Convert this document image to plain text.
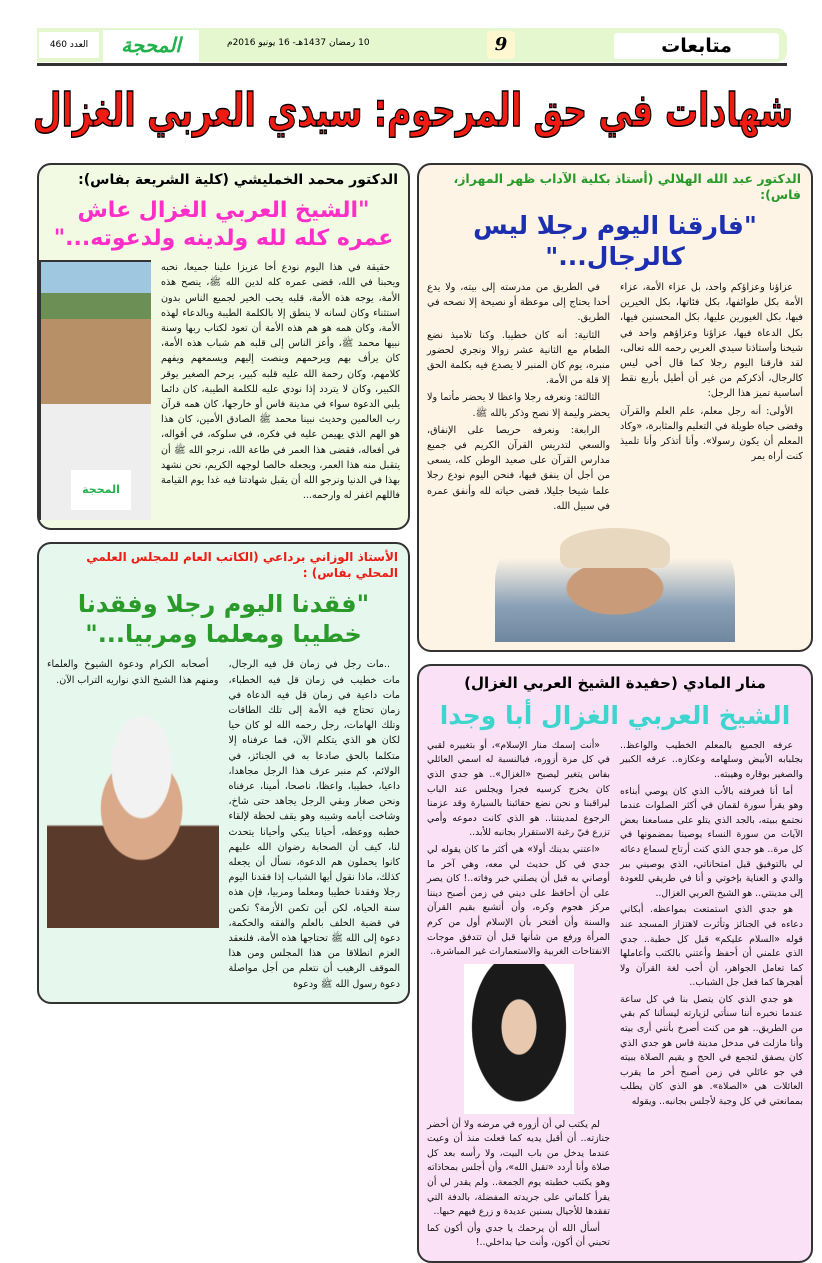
متابعات
9
10 رمضان 1437هـ- 16 يونيو 2016م
المحجة
العدد 460
شهادات في حق المرحوم: سيدي العربي الغزال
الدكتور عبد الله الهلالي (أستاذ بكلية الآداب ظهر المهراز، فاس):
"فارقنا اليوم رجلا ليس كالرجال..."

عزاؤنا وعزاؤكم واحد، بل عزاء الأمة، عزاء الأمة بكل طوائفها، بكل فئاتها، بكل الخيرين فيها، بكل الغيورين عليها، بكل المحسنين فيها، بكل الدعاة فيها، عزاؤنا وعزاؤهم واحد في شيخنا وأستاذنا سيدي العربي رحمه الله تعالى، لقد فارقنا اليوم رجلا كما قال أخي ليس كالرجال، أذكركم من غير أن أطيل بأربع نقط أساسية تميز هذا الرجل:

الأولى: أنه رجل معلم، علم العلم والقرآن وقضى حياة طويلة في التعليم والمثابرة، «وكاد المعلم أن يكون رسولا». وأنا أتذكر وأنا تلميذ كنت أراه يمر

في الطريق من مدرسته إلى بيته، ولا يدع أحدا يحتاج إلى موعظة أو نصيحة إلا نصحه في الطريق.

الثانية: أنه كان خطيبا. وكنا تلاميذ نضع الطعام مع الثانية عشر زوالا ونجري لحضور منبره، يوم كان المنبر لا يصدع فيه بكلمة الحق إلا قلة من الأمة.

الثالثة: ونعرفه رجلا واعظا لا يحضر مأتما ولا يحضر وليمة إلا نصح وذكر بالله ﷺ.

الرابعة: ونعرفه حريصا على الإنفاق، والسعي لتدريس القرآن الكريم في جميع مدارس القرآن على صعيد الوطن كله، يسعى من أجل أن ينفق فيها، فنحن اليوم نودع رجلا علما شيخا جليلا، قضى حياته لله وأنفق عمره في سبيل الله.

منار المادي (حفيدة الشيخ العربي الغزال)
الشيخ العربي الغزال أبا وجدا

عرفه الجميع بالمعلم الخطيب والواعظ.. بجلبابه الأبيض وسلهامه وعكازه.. عرفه الكبير والصغير بوقاره وهيبته..

أما أنا فعرفته بالأب الذي كان يوصي أبناءه وهو يقرأ سورة لقمان في أكثر الصلوات عندما نجتمع ببيته، بالجد الذي يتلو على مسامعنا بعض الآيات من سورة النساء يوصينا بمضمونها في كل مرة.. هو جدي الذي كنت أرتاح لسماع دعائه لي بالتوفيق قبل امتحاناتي، الذي يوصيني ببر والدي و العناية بإخوتي و أنا في طريقي للعودة إلى مدينتي.. هو الشيخ العربي الغزال..

هو جدي الذي استمتعت بمواعظه. أبكاني دعاءه في الجنائز وتأثرت لاهتزاز المسجد عند قوله «السلام عليكم» قبل كل خطبة.. جدي الذي علمني أن أحفظ وأعتني بالكتب وأعاملها كما تعامل الجواهر، أن أحب لغة القرآن ولا أهجرها كما فعل جل الشباب..

هو جدي الذي كان يتصل بنا في كل ساعة عندما نخبره أننا سنأتي لزيارته ليسألنا كم بقي من الطريق.. هو من كنت أصرخ بأنني أرى بيته وأنا مازلت في مدخل مدينة فاس هو جدي الذي كان يصفق لتجمع في الحج و يقيم الصلاة ببيته في جو عائلي في زمن أصبح أخر ما يقرب العائلات هي «الصلاة». هو الذي كان يطلب بممانعتي في كل وجبة لأجلس بجانبه.. ويقوله

«أنت إسمك منار الإسلام»، أو بتغييره لقبي في كل مرة أزوره، فبالنسبة له اسمي العائلي بفاس يتغير ليصبح «الغزال».. هو جدي الذي كان يخرج كرسيه فجرا ويجلس عند الباب ليراقبنا و نحن نضع حقائبنا بالسيارة وقد عزمنا الرجوع لمدينتنا.. هو الذي كانت دموعه وأمي تزرع فيّ رغبة الاستقرار بجانبه للأبد..

«اعتني بدينك أولا» هي أكثر ما كان يقوله لي جدي في كل حديث لي معه، وهي آخر ما أوصاني به قبل أن يصلني خبر وفاته..! كان يصر على أن أحافظ على ديني في زمن أصبح ديننا مركز هجوم وكره، وأن أتشبع بقيم القرآن والسنة وأن أفتخر بأن الإسلام أول من كرم المرأة ورفع من شأنها قبل أن تتدفق موجات الانفتاحات الغربية والاستعمارات غير المباشرة..

لم يكتب لي أن أزوره في مرضه ولا أن أحضر جنازته.. أن أقبل يديه كما فعلت منذ أن وعيت عندما يدخل من باب البيت، ولا رأسه بعد كل صلاة وأنا أردد «تقبل الله»، وأن أجلس بمحاذاته وهو يكتب خطبته يوم الجمعة.. ولم يقدر لي أن يقرأ كلماتي على جريدته المفضلة، بالدفة التي تفقدها للأجيال بسنين عديدة و زرع فيهم حبها..

أسأل الله أن يرحمك يا جدي وأن أكون كما تحبني أن أكون، وأنت حيا بداخلي..!

الدكتور محمد الخمليشي (كلية الشريعة بفاس):
"الشيخ العربي الغزال عاش عمره كله لله ولدينه ولدعوته..."

حقيقة في هذا اليوم نودع أخا عزيزا علينا جميعا، نحبه ويحبنا في الله، قضى عمره كله لدين الله ﷺ، ينصح هذه الأمة، يوجه هذه الأمة، قلبه يحب الخير لجميع الناس بدون استثناء وكان لسانه لا ينطق إلا بالكلمة الطيبة وبالدعاء لهذه الأمة، وكان همه هو هم هذه الأمة أن تعود لكتاب ربها وسنة نبيها محمد ﷺ، وأعز الناس إلى قلبه هم شباب هذه الأمة، كان يرأف بهم ويرحمهم وينصت إليهم ويسمعهم ويفهم كلامهم، وكان رحمة الله عليه قلبه كبير، يرحم الصغير يوقر الكبير، وكان لا يتردد إذا نودي عليه للكلمة الطيبة، كان دائما يلبي الدعوة سواء في مدينة فاس أو خارجها، كان همه قرآن رب العالمين وحديث نبينا محمد ﷺ الصادق الأمين، كان هذا هو الهم الذي يهيمن عليه في فكره، في سلوكه، في أقواله، في أفعاله، فقضى هذا العمر في طاعة الله، نرجو الله ﷺ أن يتقبل منه هذا العمر، ويجعله خالصا لوجهه الكريم، نحن نشهد بهذا في الدنيا ونرجو الله أن يقبل شهادتنا فيه غدا يوم القيامة فاللهم اغفر له وارحمه...

المحجة
الأستاذ الوزاني برداعي (الكاتب العام للمجلس العلمي المحلي بفاس) :
"فقدنا اليوم رجلا وفقدنا خطيبا ومعلما ومربيا..."

..مات رجل في زمان قل فيه الرجال، مات خطيب في زمان قل فيه الخطباء، مات داعية في زمان قل فيه الدعاة في زمان تحتاج فيه الأمة إلى تلك الطاقات وتلك الهامات، رجل رحمه الله لو كان حيا لكان هو الذي يتكلم الآن، فما عرفناه إلا متكلما بالحق صادعا به في الجنائز، في الولائم، كم منبر عرف هذا الرجل مجاهدا، داعيا، خطيبا، واعظا، ناصحا، أمينا، عرفناه ونحن صغار وبقي الرجل يجاهد حتى شاخ، وشاخت أيامه وشيبه وهو يقف لحظة لإلقاء خطبه ووعظه، أحيانا يبكي وأحيانا يتحدث لنا، كيف أن الصحابة رضوان الله عليهم كانوا يحملون هم الدعوة، نسأل أن يجعله كذلك، ماذا نقول أيها الشباب إذا فقدنا اليوم رجلا وفقدنا خطيبا ومعلما ومربيا، فإن هذه سنة الحياة، لكن أين تكمن الأزمة؟ تكمن في قضية الخلف بالعلم والفقه والحكمة، دعوة إلى الله ﷺ تحتاجها هذه الأمة، فلنعقد العزم انطلاقا من هذا المجلس ومن هذا الموقف الرهيب أن نتعلم من أجل مواصلة دعوة رسول الله ﷺ ودعوة

أصحابه الكرام ودعوة الشيوخ والعلماء ومنهم هذا الشيخ الذي نواريه التراب الآن.
